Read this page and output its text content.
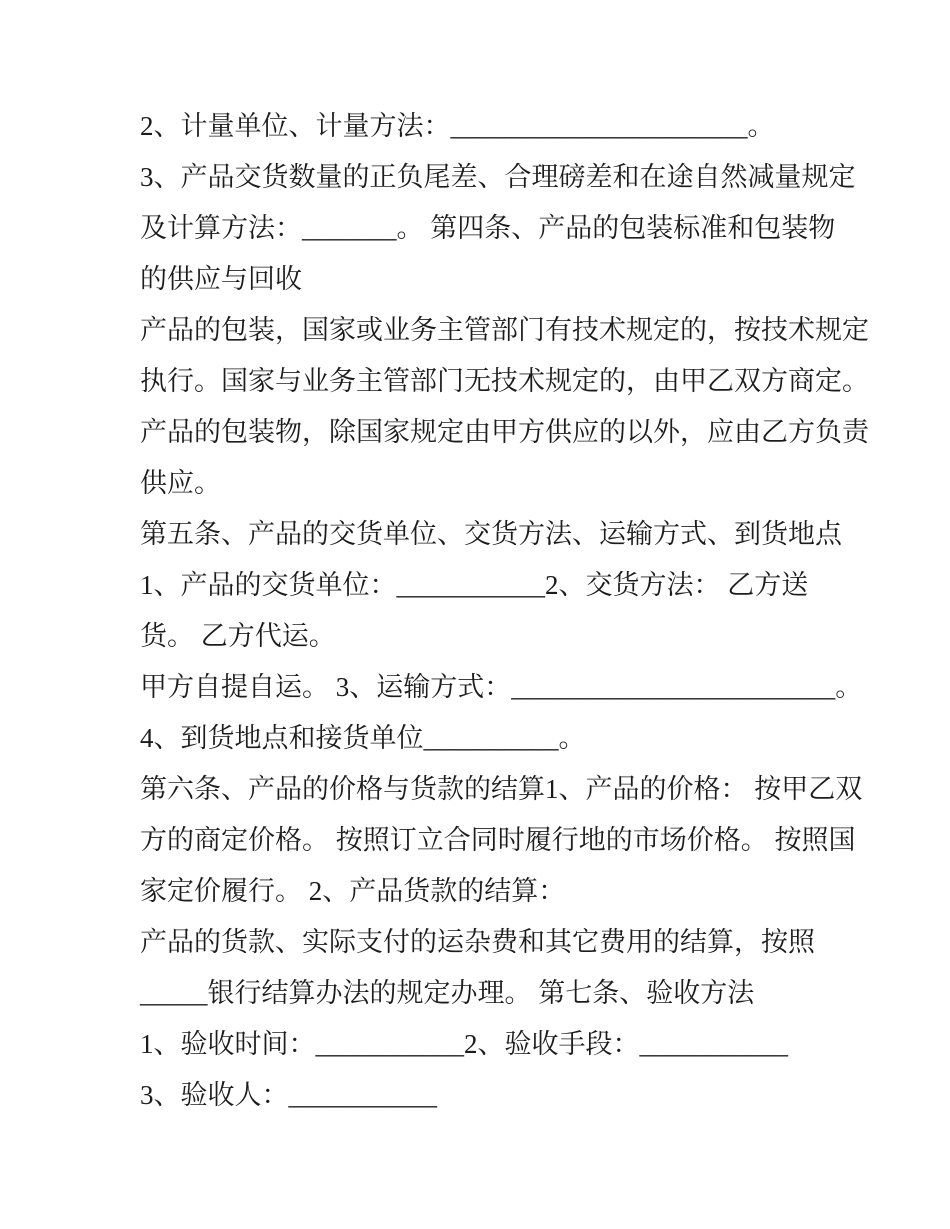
2、计量单位、计量方法：______________________。
3、产品交货数量的正负尾差、合理磅差和在途自然减量规定
及计算方法：_______。 第四条、产品的包装标准和包装物
的供应与回收
产品的包装，国家或业务主管部门有技术规定的，按技术规定
执行。国家与业务主管部门无技术规定的，由甲乙双方商定。
产品的包装物，除国家规定由甲方供应的以外，应由乙方负责
供应。
第五条、产品的交货单位、交货方法、运输方式、到货地点
1、产品的交货单位：___________2、交货方法： 乙方送
货。 乙方代运。
甲方自提自运。 3、运输方式：________________________。
4、到货地点和接货单位__________。
第六条、产品的价格与货款的结算1、产品的价格： 按甲乙双
方的商定价格。 按照订立合同时履行地的市场价格。 按照国
家定价履行。 2、产品货款的结算：
产品的货款、实际支付的运杂费和其它费用的结算，按照
_____银行结算办法的规定办理。 第七条、验收方法
1、验收时间：___________2、验收手段：___________
3、验收人：___________
